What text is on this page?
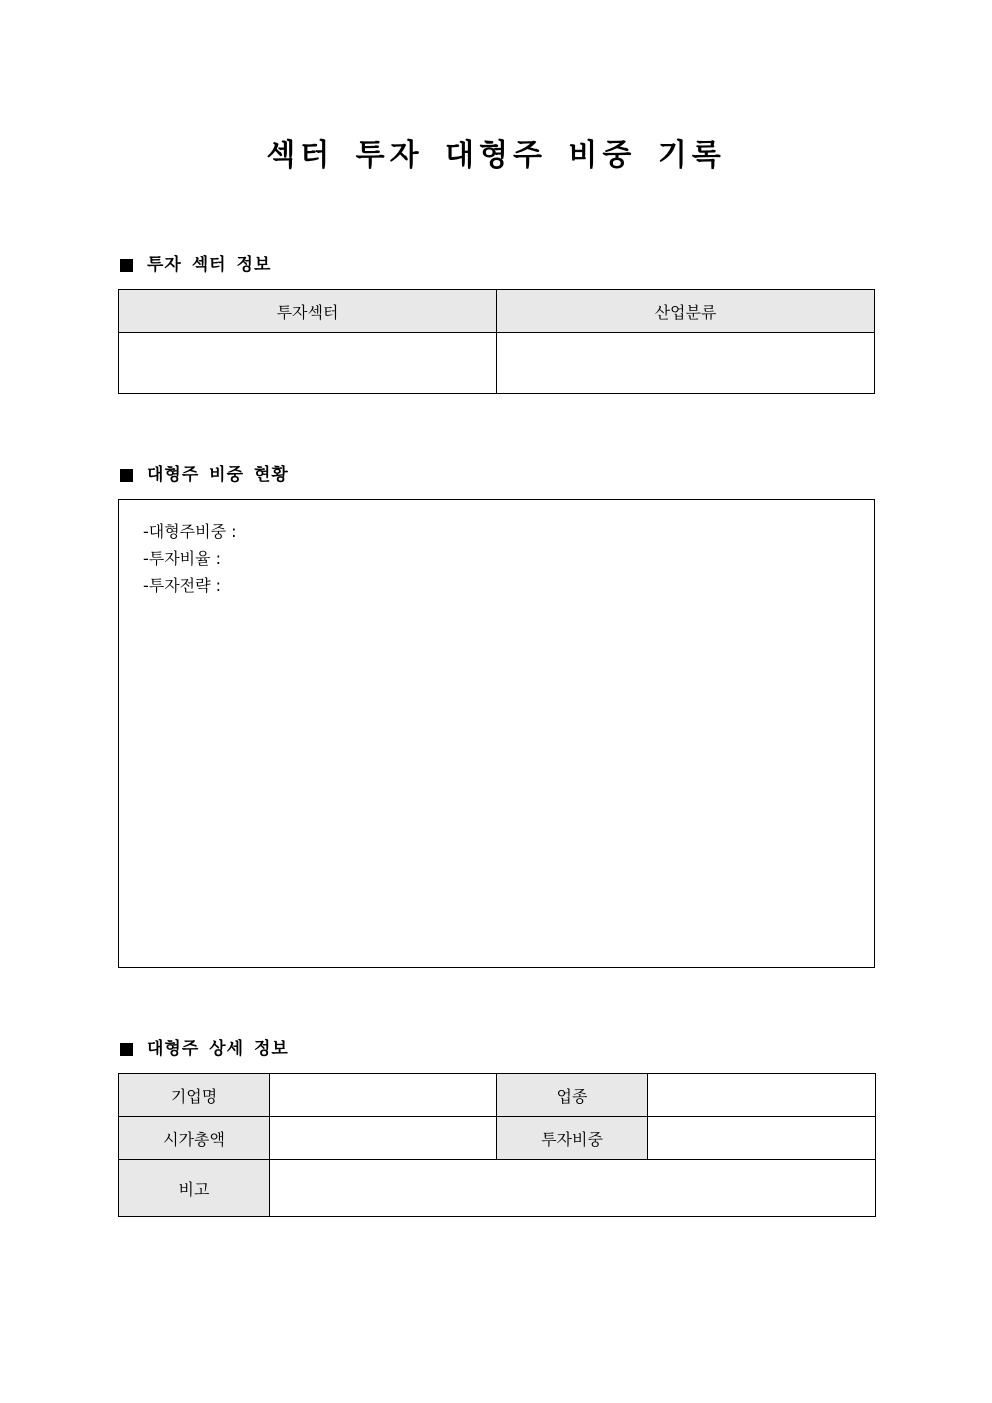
섹터 투자 대형주 비중 기록
투자 섹터 정보
투자섹터	산업분류

대형주 비중 현황
-대형주비중 :
-투자비율 :
-투자전략 :
대형주 상세 정보
기업명		업종	
시가총액		투자비중	
비고			
